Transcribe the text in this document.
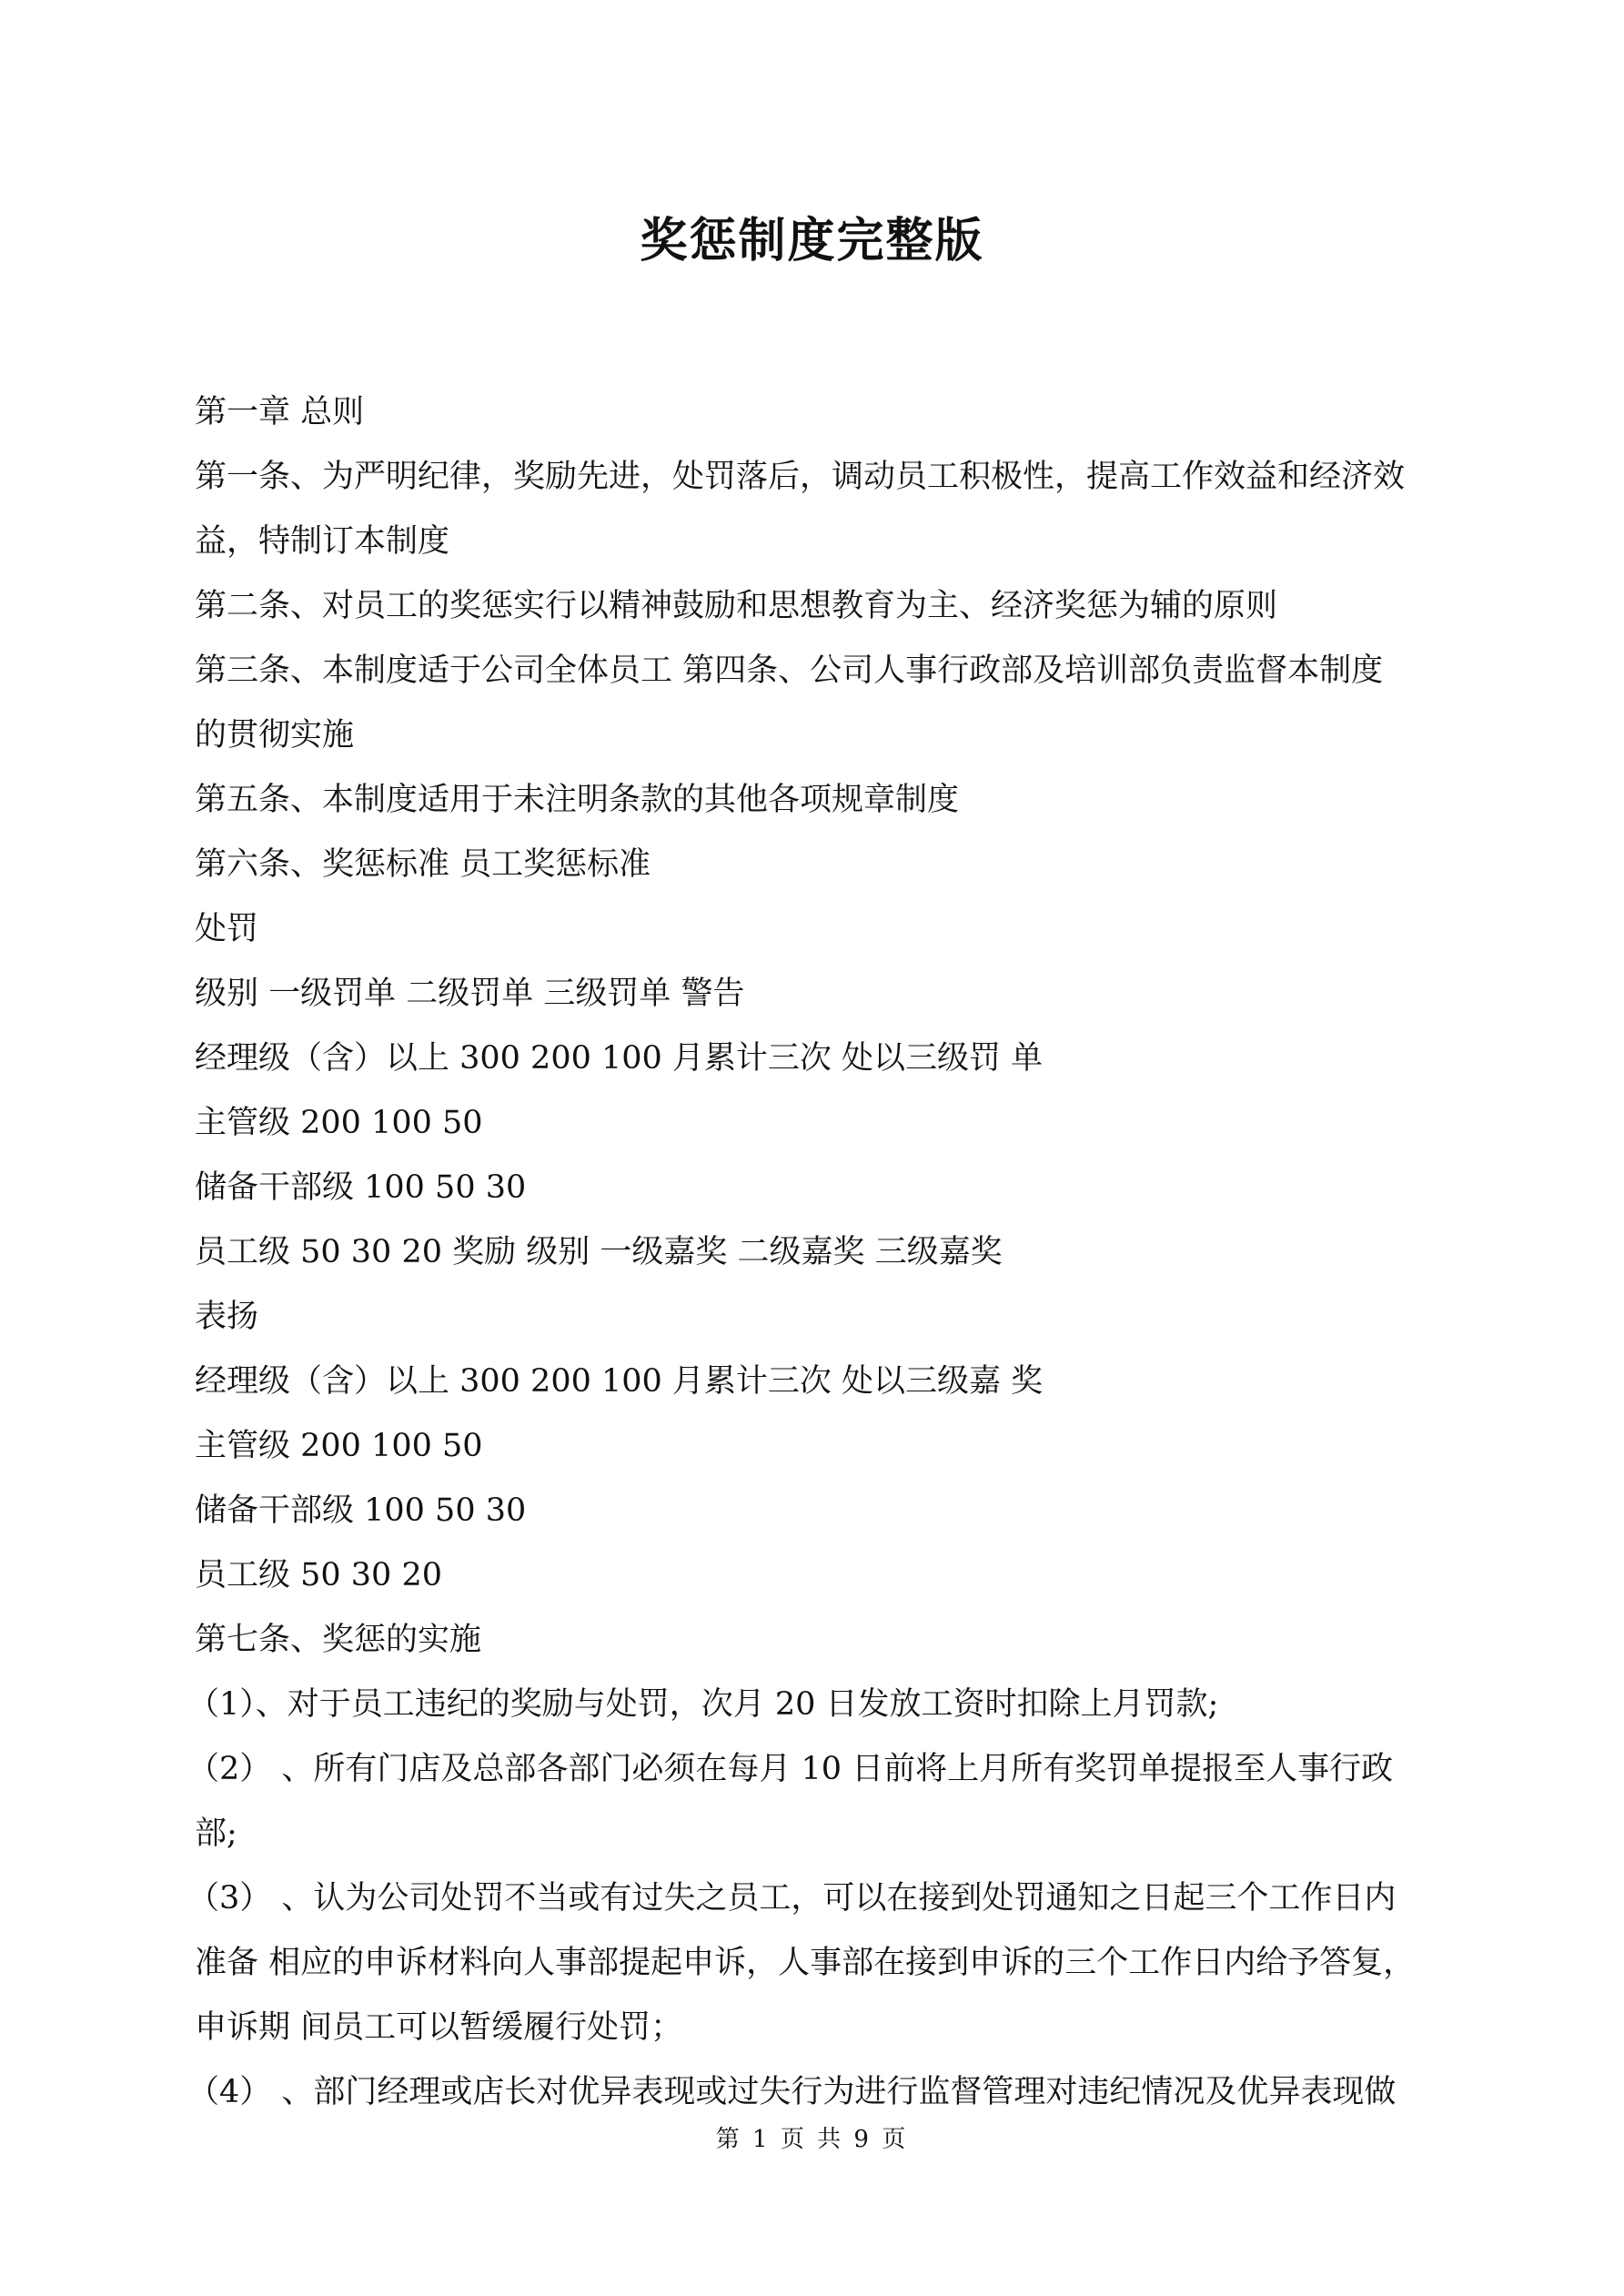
奖惩制度完整版

第一章 总则

第一条、为严明纪律，奖励先进，处罚落后，调动员工积极性，提高工作效益和经济效

益，特制订本制度

第二条、对员工的奖惩实行以精神鼓励和思想教育为主、经济奖惩为辅的原则

第三条、本制度适于公司全体员工 第四条、公司人事行政部及培训部负责监督本制度

的贯彻实施

第五条、本制度适用于未注明条款的其他各项规章制度

第六条、奖惩标准 员工奖惩标准

处罚

级别 一级罚单 二级罚单 三级罚单 警告

经理级（含）以上 300 200 100 月累计三次 处以三级罚 单

主管级 200 100 50

储备干部级 100 50 30

员工级 50 30 20 奖励 级别 一级嘉奖 二级嘉奖 三级嘉奖

表扬

经理级（含）以上 300 200 100 月累计三次 处以三级嘉 奖

主管级 200 100 50

储备干部级 100 50 30

员工级 50 30 20

第七条、奖惩的实施

（1）、对于员工违纪的奖励与处罚，次月 20 日发放工资时扣除上月罚款;

（2） 、所有门店及总部各部门必须在每月 10 日前将上月所有奖罚单提报至人事行政

部;

（3） 、认为公司处罚不当或有过失之员工，可以在接到处罚通知之日起三个工作日内

准备 相应的申诉材料向人事部提起申诉，人事部在接到申诉的三个工作日内给予答复，

申诉期 间员工可以暂缓履行处罚；

（4） 、部门经理或店长对优异表现或过失行为进行监督管理对违纪情况及优异表现做

第 1 页 共 9 页
